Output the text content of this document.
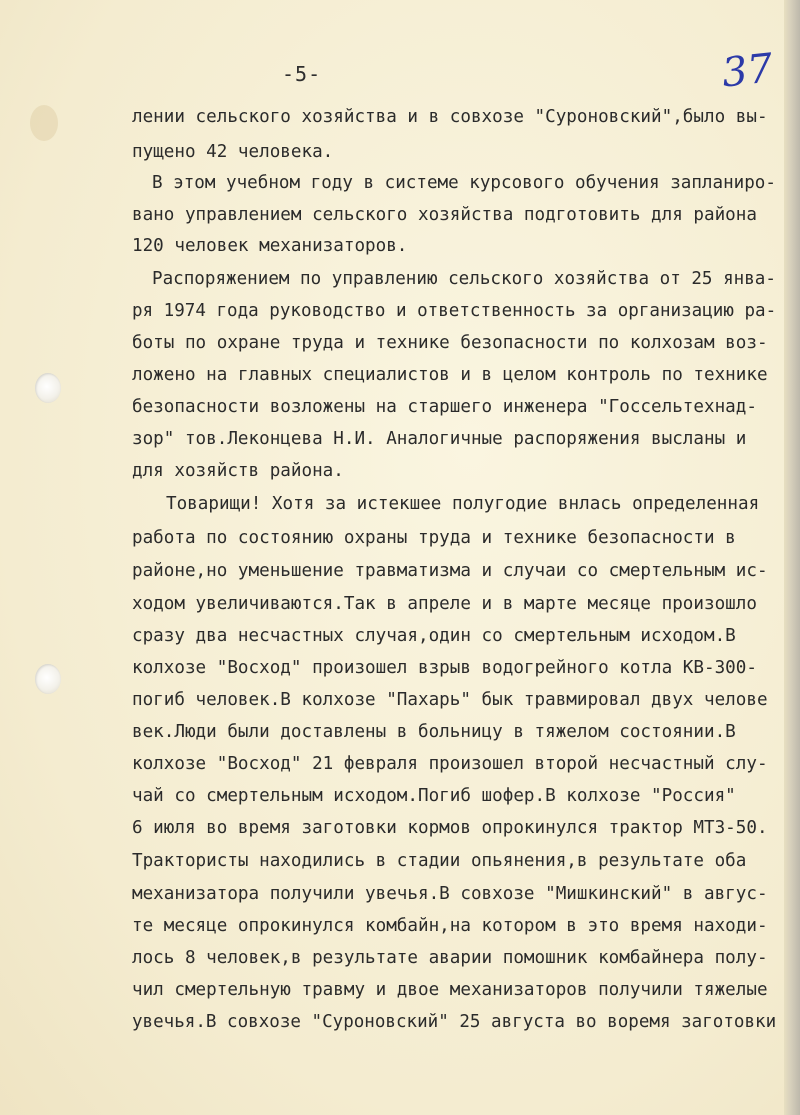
-5-	37
лении сельского хозяйства и в совхозе "Суроновский",было вы-
пущено 42 человека.
В этом учебном году в системе курсового обучения запланиро-
вано управлением сельского хозяйства подготовить для района
120 человек механизаторов.
Распоряжением по управлению сельского хозяйства от 25 янва-
ря 1974 года руководство и ответственность за организацию ра-
боты по охране труда и технике безопасности по колхозам воз-
ложено на главных специалистов и в целом контроль по технике
безопасности возложены на старшего инженера "Госсельтехнад-
зор" тов.Леконцева Н.И. Аналогичные распоряжения высланы и
для хозяйств района.
Товарищи! Хотя за истекшее полугодие внлась определенная
работа по состоянию охраны труда и технике безопасности в
районе,но уменьшение травматизма и случаи со смертельным ис-
ходом увеличиваются.Так в апреле и в марте месяце произошло
сразу два несчастных случая,один со смертельным исходом.В
колхозе "Восход" произошел взрыв водогрейного котла КВ-300-
погиб человек.В колхозе "Пахарь" бык травмировал двух челове
век.Люди были доставлены в больницу в тяжелом состоянии.В
колхозе "Восход" 21 февраля произошел второй несчастный слу-
чай со смертельным исходом.Погиб шофер.В колхозе "Россия"
6 июля во время заготовки кормов опрокинулся трактор МТЗ-50.
Трактористы находились в стадии опьянения,в результате оба
механизатора получили увечья.В совхозе "Мишкинский" в авгус-
те месяце опрокинулся комбайн,на котором в это время находи-
лось 8 человек,в результате аварии помошник комбайнера полу-
чил смертельную травму и двое механизаторов получили тяжелые
увечья.В совхозе "Суроновский" 25 августа во воремя заготовки
